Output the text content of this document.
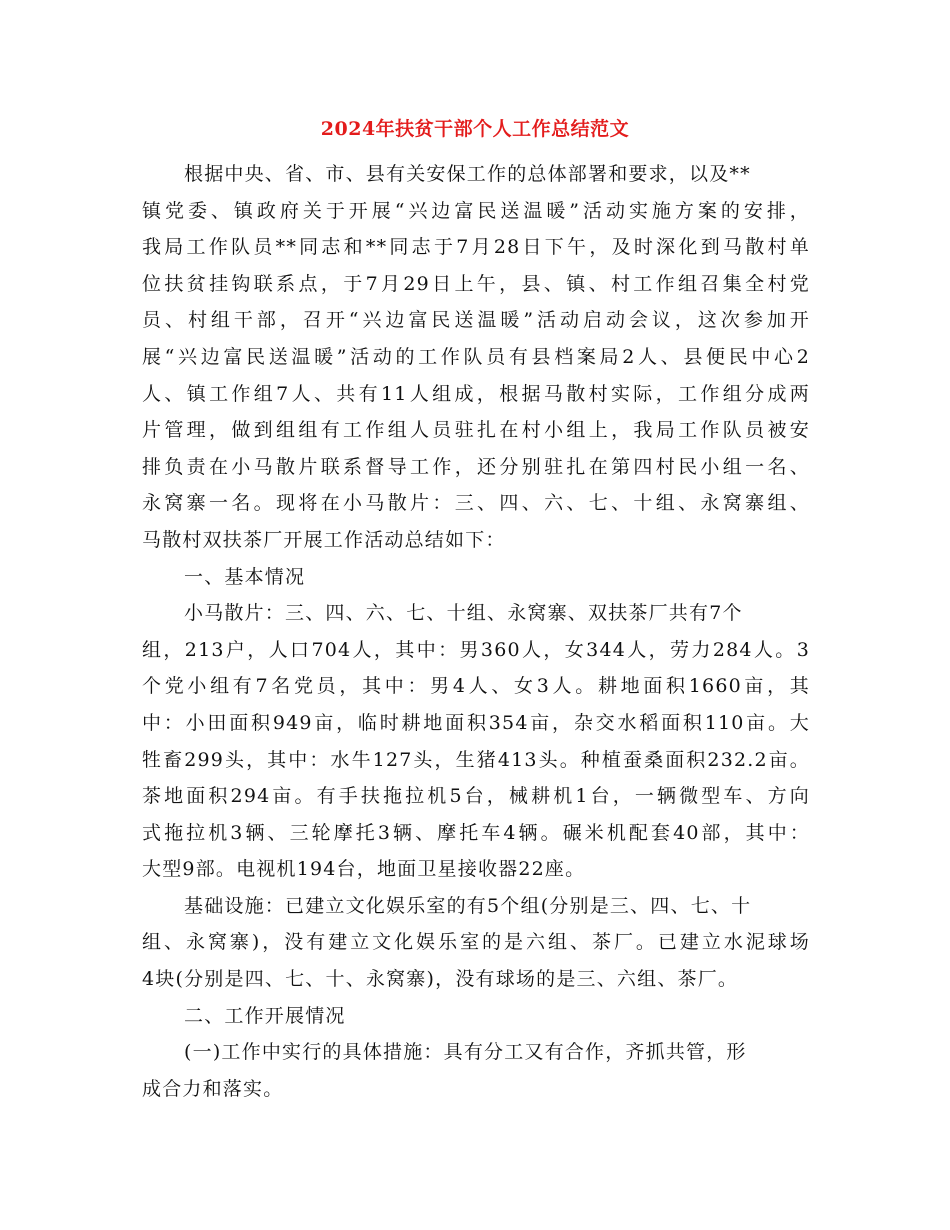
2024年扶贫干部个人工作总结范文
根据中央、省、市、县有关安保工作的总体部署和要求，以及**
镇党委、镇政府关于开展“兴边富民送温暖”活动实施方案的安排，
我局工作队员**同志和**同志于7月28日下午，及时深化到马散村单
位扶贫挂钩联系点，于7月29日上午，县、镇、村工作组召集全村党
员、村组干部，召开“兴边富民送温暖”活动启动会议，这次参加开
展“兴边富民送温暖”活动的工作队员有县档案局2人、县便民中心2
人、镇工作组7人、共有11人组成，根据马散村实际，工作组分成两
片管理，做到组组有工作组人员驻扎在村小组上，我局工作队员被安
排负责在小马散片联系督导工作，还分别驻扎在第四村民小组一名、
永窝寨一名。现将在小马散片：三、四、六、七、十组、永窝寨组、
马散村双扶茶厂开展工作活动总结如下：
一、基本情况
小马散片：三、四、六、七、十组、永窝寨、双扶茶厂共有7个
组，213户，人口704人，其中：男360人，女344人，劳力284人。3
个党小组有7名党员，其中：男4人、女3人。耕地面积1660亩，其
中：小田面积949亩，临时耕地面积354亩，杂交水稻面积110亩。大
牲畜299头，其中：水牛127头，生猪413头。种植蚕桑面积232.2亩。
茶地面积294亩。有手扶拖拉机5台，械耕机1台，一辆微型车、方向
式拖拉机3辆、三轮摩托3辆、摩托车4辆。碾米机配套40部，其中：
大型9部。电视机194台，地面卫星接收器22座。
基础设施：已建立文化娱乐室的有5个组(分别是三、四、七、十
组、永窝寨)，没有建立文化娱乐室的是六组、茶厂。已建立水泥球场
4块(分别是四、七、十、永窝寨)，没有球场的是三、六组、茶厂。
二、工作开展情况
(一)工作中实行的具体措施：具有分工又有合作，齐抓共管，形
成合力和落实。
